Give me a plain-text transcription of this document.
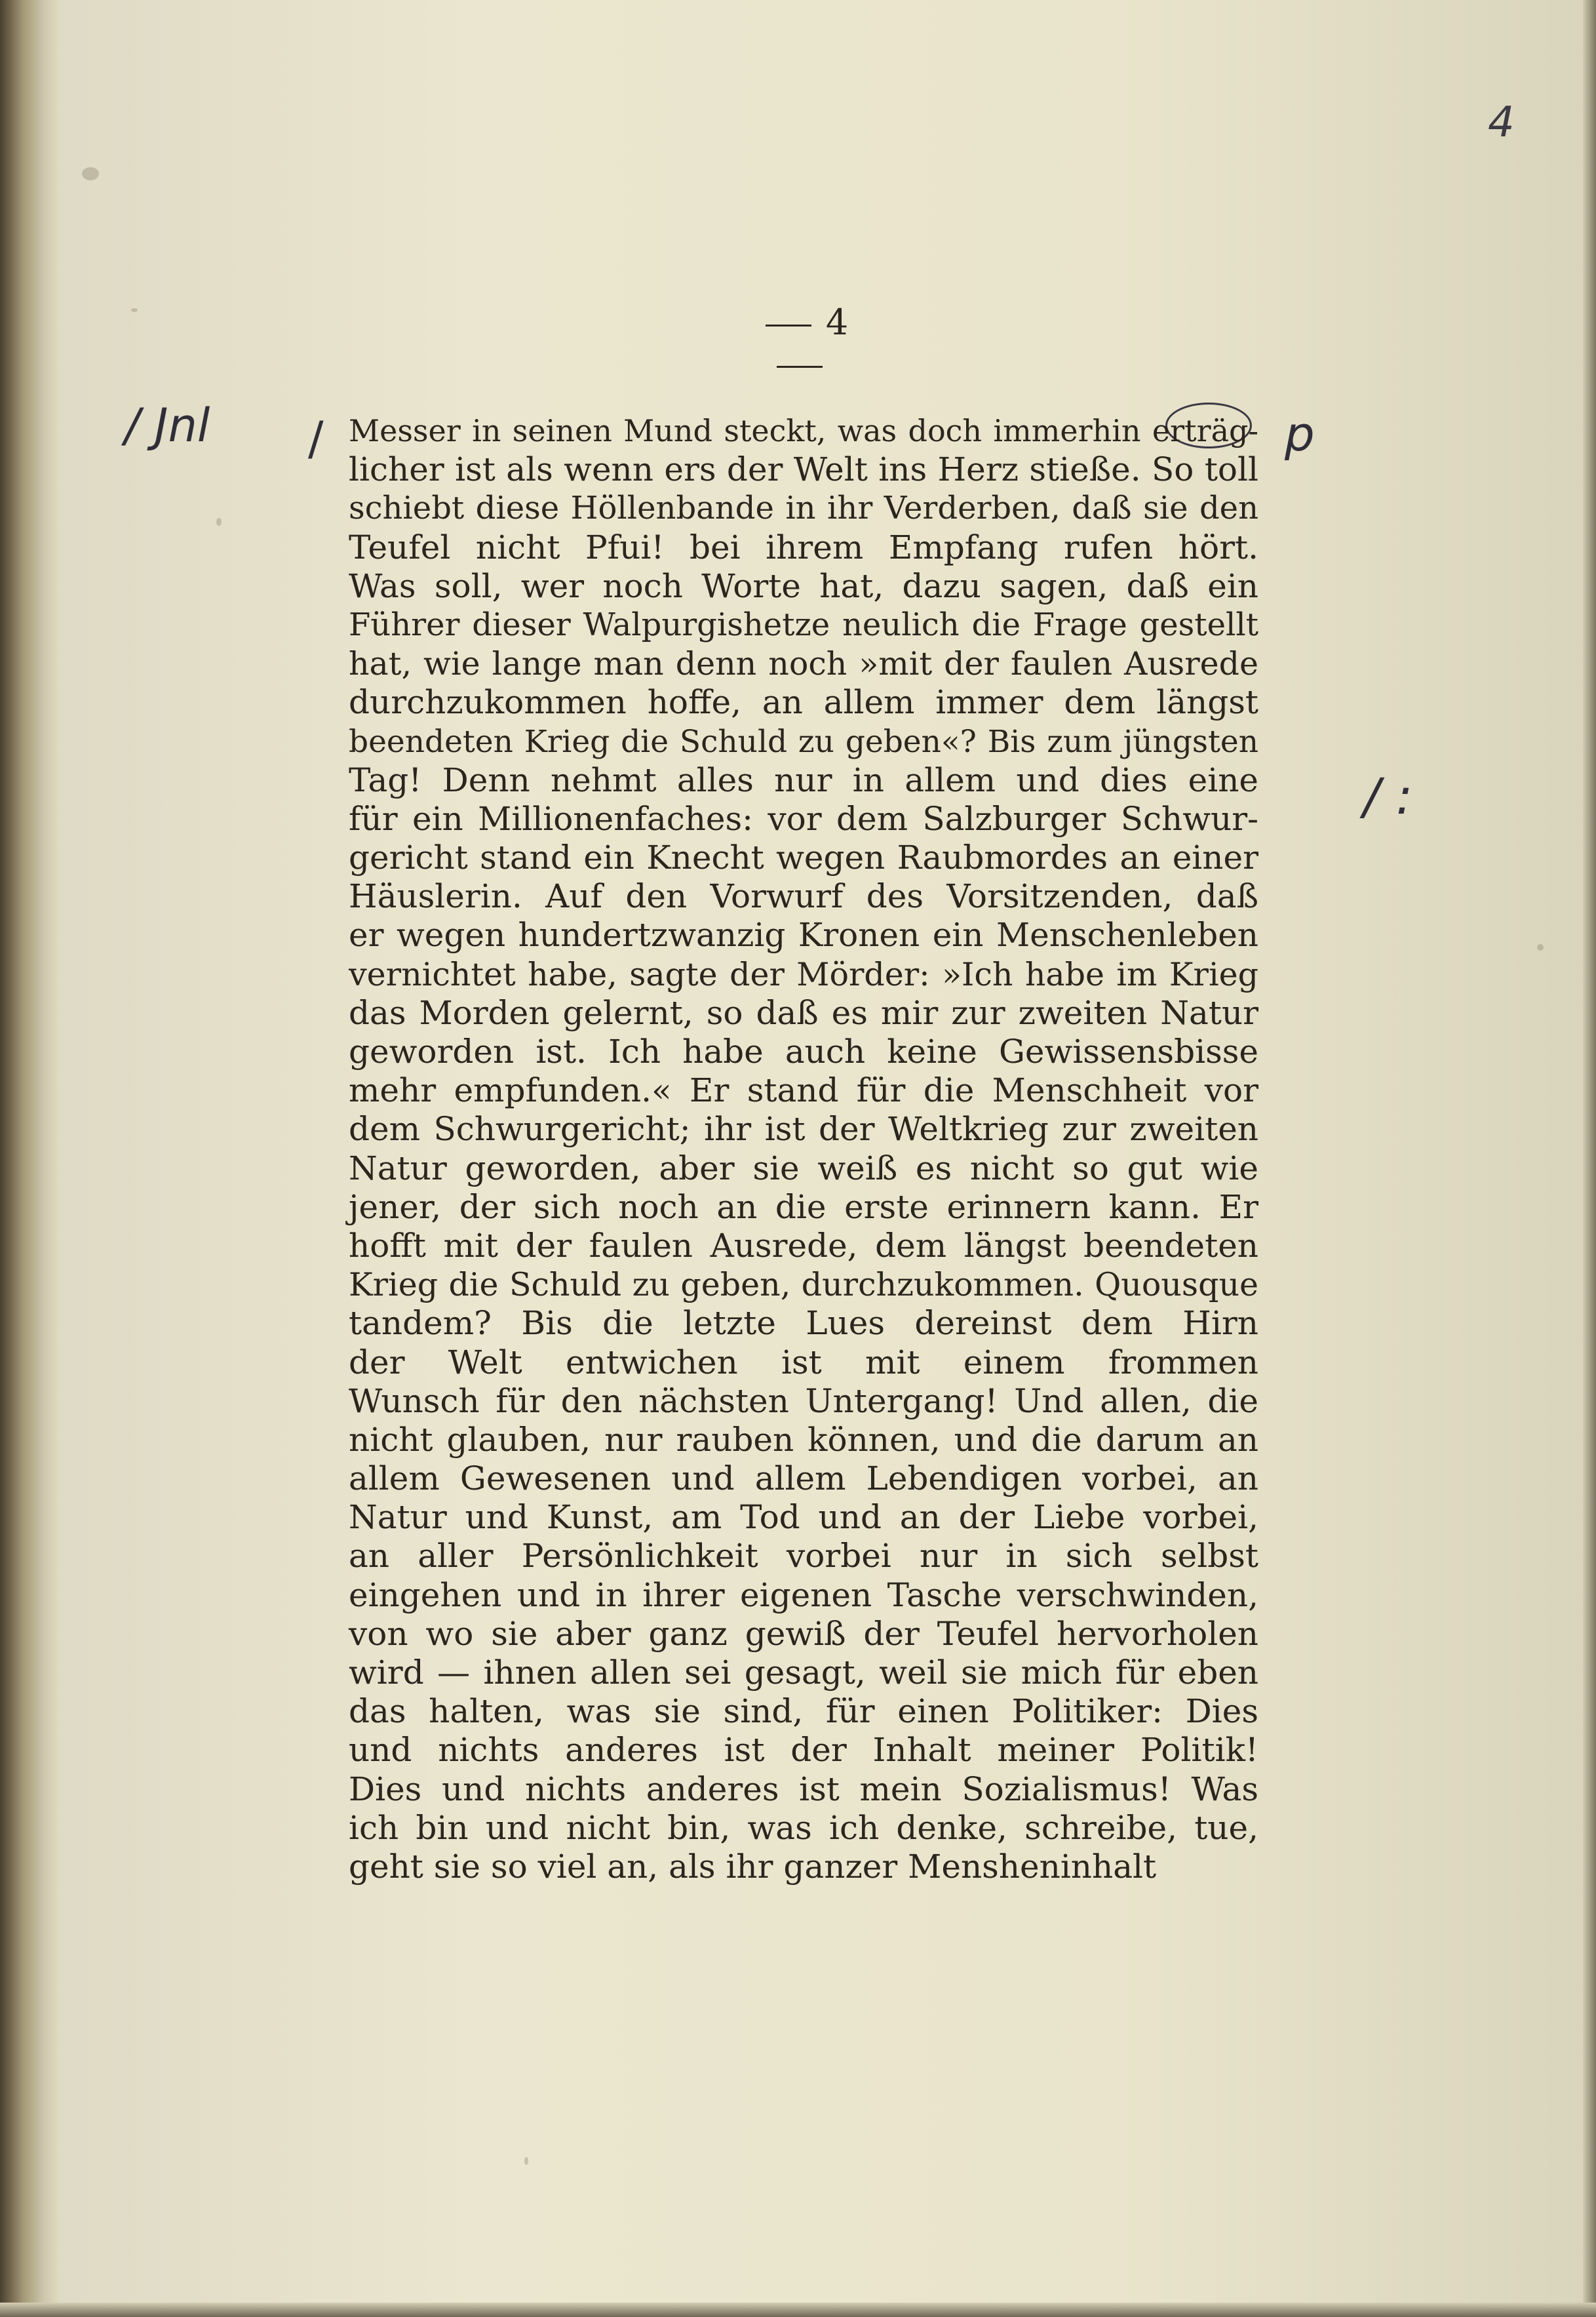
4
4
/ Jnl	p
/ :
/ Messer in seinen Mund steckt, was doch immerhin erträg-
licher ist als wenn ers der Welt ins Herz stieße. So toll
schiebt diese Höllenbande in ihr Verderben, daß sie den
Teufel nicht Pfui! bei ihrem Empfang rufen hört.
Was soll, wer noch Worte hat, dazu sagen, daß ein
Führer dieser Walpurgishetze neulich die Frage gestellt
hat, wie lange man denn noch »mit der faulen Ausrede
durchzukommen hoffe, an allem immer dem längst
beendeten Krieg die Schuld zu geben«? Bis zum jüngsten
Tag! Denn nehmt alles nur in allem und dies eine
für ein Millionenfaches: vor dem Salzburger Schwur-
gericht stand ein Knecht wegen Raubmordes an einer
Häuslerin. Auf den Vorwurf des Vorsitzenden, daß
er wegen hundertzwanzig Kronen ein Menschenleben
vernichtet habe, sagte der Mörder: »Ich habe im Krieg
das Morden gelernt, so daß es mir zur zweiten Natur
geworden ist. Ich habe auch keine Gewissensbisse
mehr empfunden.« Er stand für die Menschheit vor
dem Schwurgericht; ihr ist der Weltkrieg zur zweiten
Natur geworden, aber sie weiß es nicht so gut wie
jener, der sich noch an die erste erinnern kann. Er
hofft mit der faulen Ausrede, dem längst beendeten
Krieg die Schuld zu geben, durchzukommen. Quousque
tandem? Bis die letzte Lues dereinst dem Hirn
der Welt entwichen ist mit einem frommen
Wunsch für den nächsten Untergang! Und allen, die
nicht glauben, nur rauben können, und die darum an
allem Gewesenen und allem Lebendigen vorbei, an
Natur und Kunst, am Tod und an der Liebe vorbei,
an aller Persönlichkeit vorbei nur in sich selbst
eingehen und in ihrer eigenen Tasche verschwinden,
von wo sie aber ganz gewiß der Teufel hervorholen
wird — ihnen allen sei gesagt, weil sie mich für eben
das halten, was sie sind, für einen Politiker: Dies
und nichts anderes ist der Inhalt meiner Politik!
Dies und nichts anderes ist mein Sozialismus! Was
ich bin und nicht bin, was ich denke, schreibe, tue,
geht sie so viel an, als ihr ganzer Mensheninhalt
